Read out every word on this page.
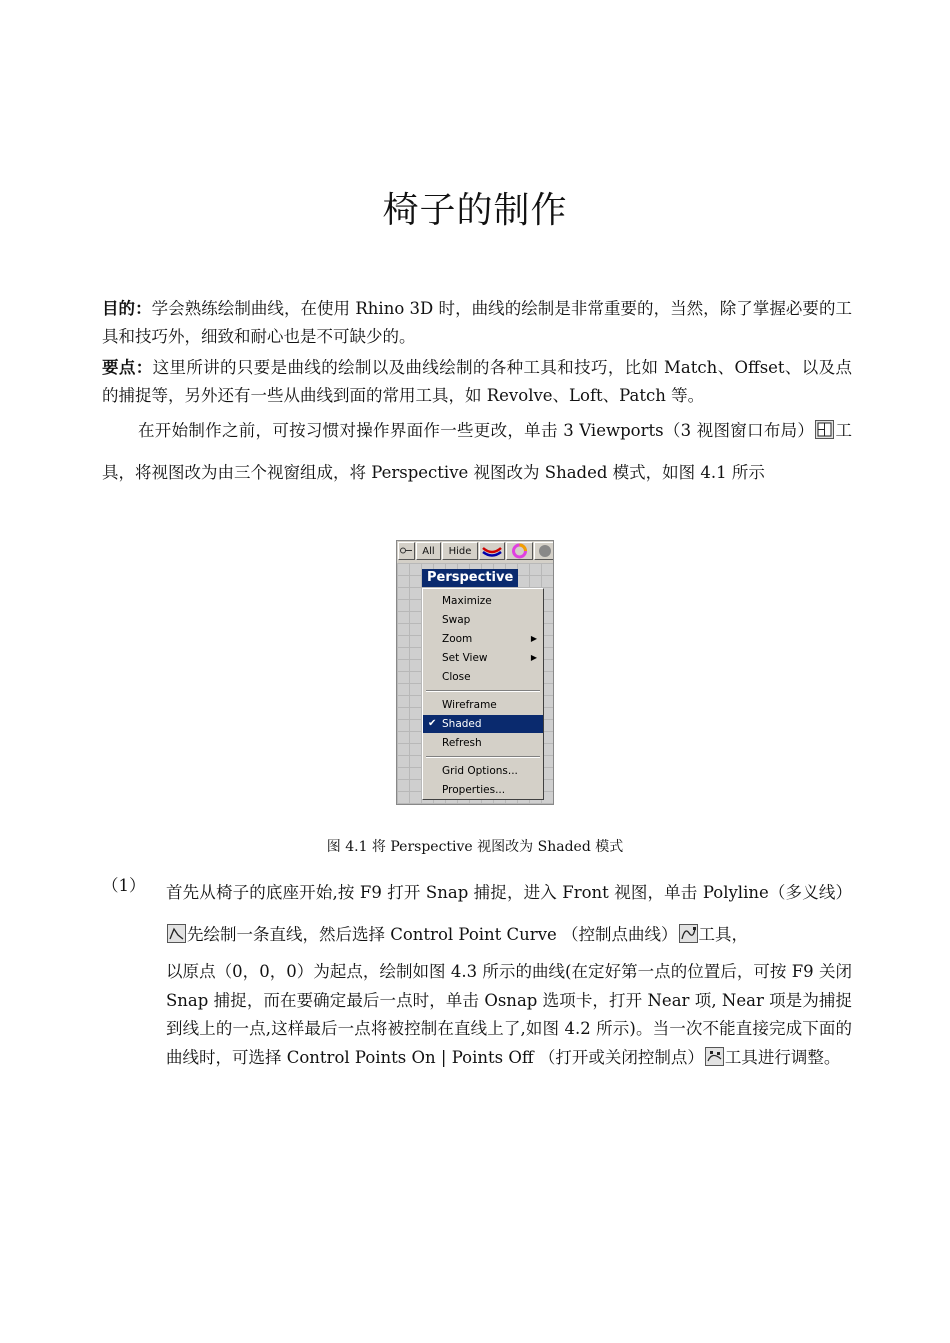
椅子的制作

目的：学会熟练绘制曲线，在使用 Rhino 3D 时，曲线的绘制是非常重要的，当然，除了掌握必要的工具和技巧外，细致和耐心也是不可缺少的。

要点：这里所讲的只要是曲线的绘制以及曲线绘制的各种工具和技巧，比如 Match、Offset、以及点的捕捉等，另外还有一些从曲线到面的常用工具，如 Revolve、Loft、Patch 等。

在开始制作之前，可按习惯对操作界面作一些更改，单击 3 Viewports（3 视图窗口布局） 工具，将视图改为由三个视窗组成，将 Perspective 视图改为 Shaded 模式，如图 4.1 所示

All	Hide
Perspective
Maximize
Swap
Zoom	▶
Set View	▶
Close
Wireframe
✔ Shaded
Refresh
Grid Options...
Properties...

图 4.1 将 Perspective 视图改为 Shaded 模式

（1） 首先从椅子的底座开始,按 F9 打开 Snap 捕捉，进入 Front 视图，单击 Polyline（多义线）
先绘制一条直线，然后选择 Control Point Curve （控制点曲线） 工具，

以原点（0，0，0）为起点，绘制如图 4.3 所示的曲线(在定好第一点的位置后，可按 F9 关闭 Snap 捕捉，而在要确定最后一点时，单击 Osnap 选项卡，打开 Near 项, Near 项是为捕捉到线上的一点,这样最后一点将被控制在直线上了,如图 4.2 所示)。当一次不能直接完成下面的曲线时，可选择 Control Points On | Points Off （打开或关闭控制点） 工具进行调整。
